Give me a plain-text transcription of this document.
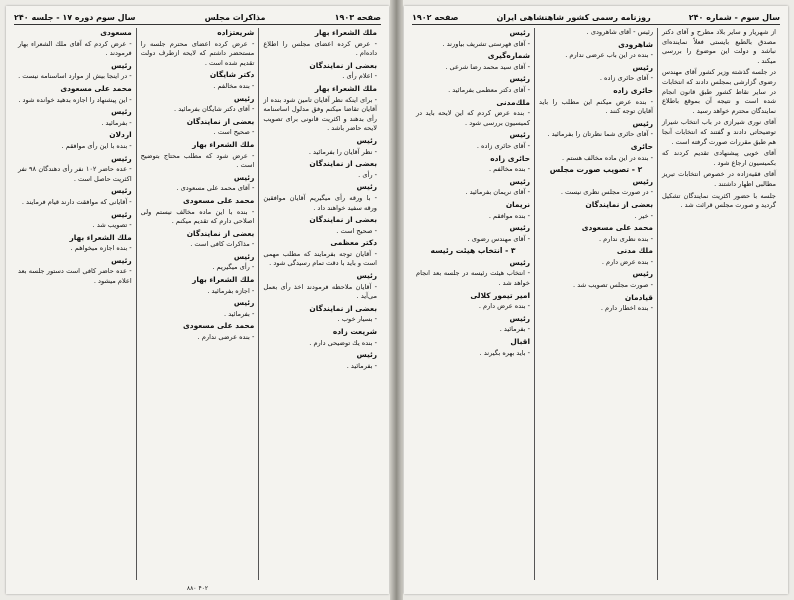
صفحه ۱۹۰۳
مذاکرات مجلس
سال سوم دوره ۱۷ - جلسه ۲۴۰

ملك الشعراء بهار

- عرض كرده اعضاى مجلس را اطلاع داده‌ام .

بعضى از نمايندگان

- اعلام رأى .

ملك الشعراء بهار

- براى اينكه نظر آقايان تامين شود بنده از آقايان تقاضا ميكنم وفق مدلول اساسنامه رأى بدهند و اكثريت قانونى براى تصويب لايحه حاضر باشد .

رئيس

- نظر آقايان را بفرمائيد .

بعضى از نمايندگان

- رأى .

رئيس

- با ورقه رأى ميگيريم آقايان موافقين ورقه سفيد خواهند داد .

بعضى از نمايندگان

- صحيح است .

دكتر معظمى

- آقايان توجه بفرمايند كه مطلب مهمى است و بايد با دقت تمام رسيدگى شود .

رئيس

- آقايان ملاحظه فرمودند اخذ رأى بعمل مى‌آيد .

بعضى از نمايندگان

- بسيار خوب .

شريعت زاده

- بنده يك توضيحى دارم .

رئيس

- بفرمائيد .

شريعتزاده

- عرض كرده اعضاى محترم جلسه را مستحضر داشتم كه لايحه ازطرف دولت تقديم شده است .

دكتر شايگان

- بنده مخالفم .

رئيس

- آقاى دكتر شايگان بفرمائيد .

بعضى از نمايندگان

- صحيح است .

ملك الشعراء بهار

- عرض شود كه مطلب محتاج بتوضيح است .

رئيس

- آقاى محمد على مسعودى .

محمد على مسعودى

- بنده با اين ماده مخالف نيستم ولى اصلاحى دارم كه تقديم ميكنم .

بعضى از نمايندگان

- مذاكرات كافى است .

رئيس

- رأى ميگيريم .

ملك الشعراء بهار

- اجازه بفرمائيد .

رئيس

- بفرمائيد .

محمد على مسعودى

- بنده عرضى ندارم .

مسعودى

- عرض كردم كه آقاى ملك الشعراء بهار فرمودند .

رئيس

- در اينجا بيش از موارد اساسنامه نيست .

محمد على مسعودى

- اين پيشنهاد را اجازه بدهيد خوانده شود .

رئيس

- بفرمائيد .

اردلان

- بنده با اين رأى موافقم .

رئيس

- عده حاضر ۱۰۲ نفر رأى دهندگان ۹۸ نفر اكثريت حاصل است .

رئيس

- آقايانى كه موافقت دارند قيام فرمايند .

رئيس

- تصويب شد .

ملك الشعراء بهار

- بنده اجازه ميخواهم .

رئيس

- عده حاضر كافى است دستور جلسه بعد اعلام ميشود .

۴۰۲ ۸۸۰
سال سوم - شماره ۲۴۰
روزنامه رسمی کشور شاهنشاهی ایران
صفحه ۱۹۰۲

از شهريار و ساير بلاد مطرح و آقاى دكتر مصدق بالطبع بايستى فعلاً نماينده‌اى نباشد و دولت اين موضوع را بررسى ميكند .

در جلسه گذشته وزير كشور آقاى مهندس رضوى گزارشى بمجلس دادند كه انتخابات در ساير نقاط كشور طبق قانون انجام شده است و نتيجه آن بموقع باطلاع نمايندگان محترم خواهد رسيد .

آقاى نورى شيرازى در باب انتخاب شيراز توضيحاتى دادند و گفتند كه انتخابات آنجا هم طبق مقررات صورت گرفته است .

آقاى خويى پيشنهادى تقديم كردند كه بكميسيون ارجاع شود .

آقاى فقيه‌زاده در خصوص انتخابات تبريز مطالبى اظهار داشتند .

جلسه با حضور اكثريت نمايندگان تشكيل گرديد و صورت مجلس قرائت شد .

رئيس - آقاى شاهرودى .

شاهرودى

- بنده در اين باب عرضى ندارم .

رئيس

- آقاى حائرى زاده .

حائرى زاده

- بنده عرض ميكنم اين مطلب را بايد آقايان توجه كنند .

رئيس

- آقاى حائرى شما نظرتان را بفرمائيد .

حائرى

- بنده در اين ماده مخالف هستم .

۲ - تصويب صورت مجلس

رئيس

- در صورت مجلس نظرى نيست .

بعضى از نمايندگان

- خير .

محمد على مسعودى

- بنده نظرى ندارم .

ملك مدنى

- بنده عرض دارم .

رئيس

- صورت مجلس تصويب شد .

قيادمان

- بنده اخطار دارم .

رئيس

- آقاى فهرستى تشريف بياورند .

شماره‌گيرى

- آقاى سيد محمد رضا شرعى .

رئيس

- آقاى دكتر معظمى بفرمائيد .

ملك‌مدنى

- بنده عرض كردم كه اين لايحه بايد در كميسيون بررسى شود .

رئيس

- آقاى حائرى زاده .

حائرى زاده

- بنده مخالفم .

رئيس

- آقاى نريمان بفرمائيد .

نريمان

- بنده موافقم .

رئيس

- آقاى مهندس رضوى .

۳ - انتخاب هيئت رئيسه

رئيس

- انتخاب هيئت رئيسه در جلسه بعد انجام خواهد شد .

امير تيمور كلالى

- بنده عرض دارم .

رئيس

- بفرمائيد .

اقبال

- بايد بهره بگيرند .
